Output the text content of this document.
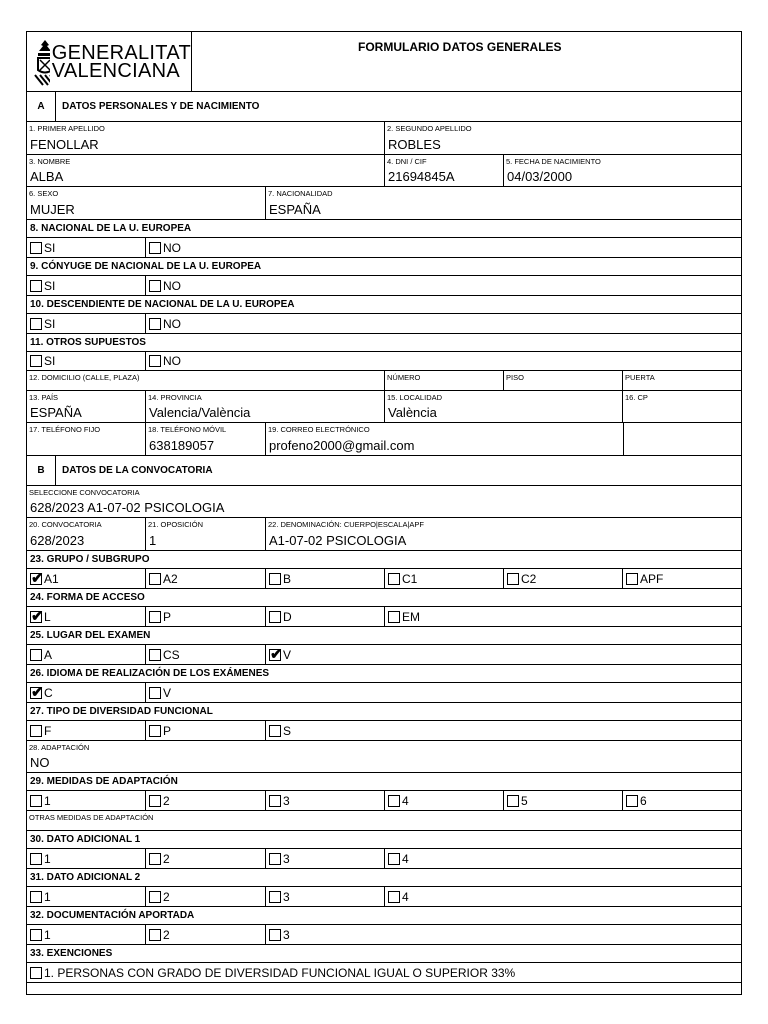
GENERALITAT
VALENCIANA
FORMULARIO DATOS GENERALES
A	DATOS PERSONALES Y DE NACIMIENTO
1. PRIMER APELLIDO
FENOLLAR
2. SEGUNDO APELLIDO
ROBLES
3. NOMBRE
ALBA
4. DNI / CIF
21694845A
5. FECHA DE NACIMIENTO
04/03/2000
6. SEXO
MUJER
7. NACIONALIDAD
ESPAÑA
8. NACIONAL DE LA U. EUROPEA
SI	NO
9. CÓNYUGE DE NACIONAL DE LA U. EUROPEA
SI	NO
10. DESCENDIENTE DE NACIONAL DE LA U. EUROPEA
SI	NO
11. OTROS SUPUESTOS
SI	NO
12. DOMICILIO (CALLE, PLAZA)	NÚMERO	PISO	PUERTA
13. PAÍS
ESPAÑA
14. PROVINCIA
Valencia/València
15. LOCALIDAD
València
16. CP
17. TELÉFONO FIJO	18. TELÉFONO MÓVIL
638189057
19. CORREO ELECTRÓNICO
profeno2000@gmail.com
B	DATOS DE LA CONVOCATORIA
SELECCIONE CONVOCATORIA
628/2023 A1-07-02 PSICOLOGIA
20. CONVOCATORIA
628/2023
21. OPOSICIÓN
1
22. DENOMINACIÓN: CUERPO|ESCALA|APF
A1-07-02 PSICOLOGIA
23. GRUPO / SUBGRUPO
✔
A1	A2	B	C1	C2	APF
24. FORMA DE ACCESO
✔
L	P	D	EM
25. LUGAR DEL EXAMEN
A	CS
✔	V
26. IDIOMA DE REALIZACIÓN DE LOS EXÁMENES
✔
C	V
27. TIPO DE DIVERSIDAD FUNCIONAL
F	P	S
28. ADAPTACIÓN
NO
29. MEDIDAS DE ADAPTACIÓN
1	2	3	4	5	6
OTRAS MEDIDAS DE ADAPTACIÓN
30. DATO ADICIONAL 1
1	2	3	4
31. DATO ADICIONAL 2
1	2	3	4
32. DOCUMENTACIÓN APORTADA
1	2	3
33. EXENCIONES
1. PERSONAS CON GRADO DE DIVERSIDAD FUNCIONAL IGUAL O SUPERIOR 33%
